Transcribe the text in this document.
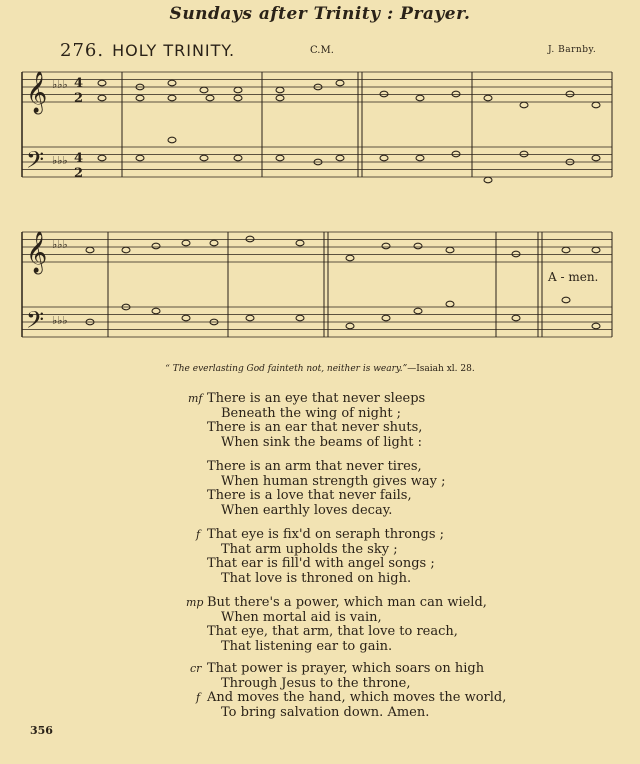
Sundays after Trinity : Prayer.
276. HOLY TRINITY.	C.M.	J. Barnby.
𝄞
𝄢
𝄞
𝄢
♭♭♭
♭♭♭
♭♭♭
♭♭♭
4
2
4
2
A - men.
“ The everlasting God fainteth not, neither is weary.”—Isaiah xl. 28.
mf There is an eye that never sleeps
Beneath the wing of night ;
There is an ear that never shuts,
When sink the beams of light :
There is an arm that never tires,
When human strength gives way ;
There is a love that never fails,
When earthly loves decay.
f That eye is fix'd on seraph throngs ;
That arm upholds the sky ;
That ear is fill'd with angel songs ;
That love is throned on high.
mp But there's a power, which man can wield,
When mortal aid is vain,
That eye, that arm, that love to reach,
That listening ear to gain.
cr That power is prayer, which soars on high
Through Jesus to the throne,
f And moves the hand, which moves the world,
To bring salvation down. Amen.
356
